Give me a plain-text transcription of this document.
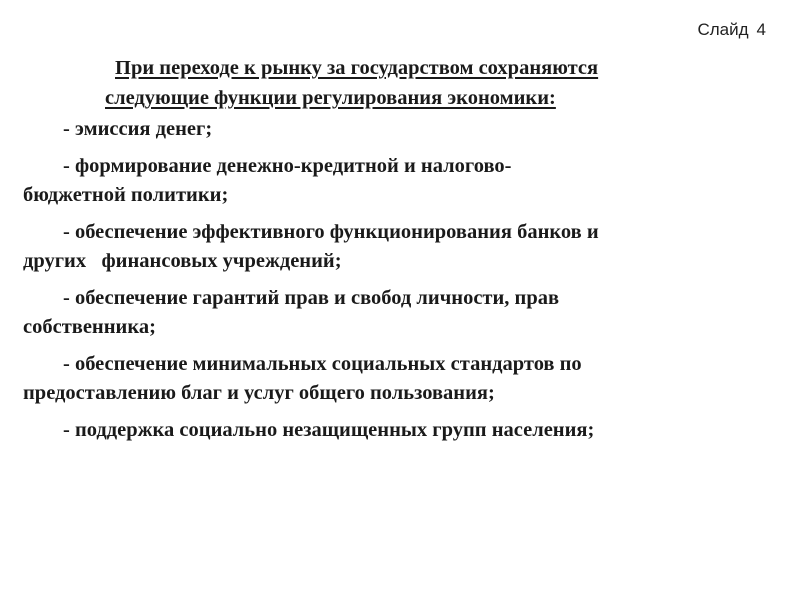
Слайд 4
При переходе к рынку за государством сохраняются
следующие функции регулирования экономики:
- эмиссия денег;
- формирование денежно-кредитной и налогово-
бюджетной политики;
- обеспечение эффективного функционирования банков и
других   финансовых учреждений;
- обеспечение гарантий прав и свобод личности, прав
собственника;
- обеспечение минимальных социальных стандартов по
предоставлению благ и услуг общего пользования;
- поддержка социально незащищенных групп населения;
